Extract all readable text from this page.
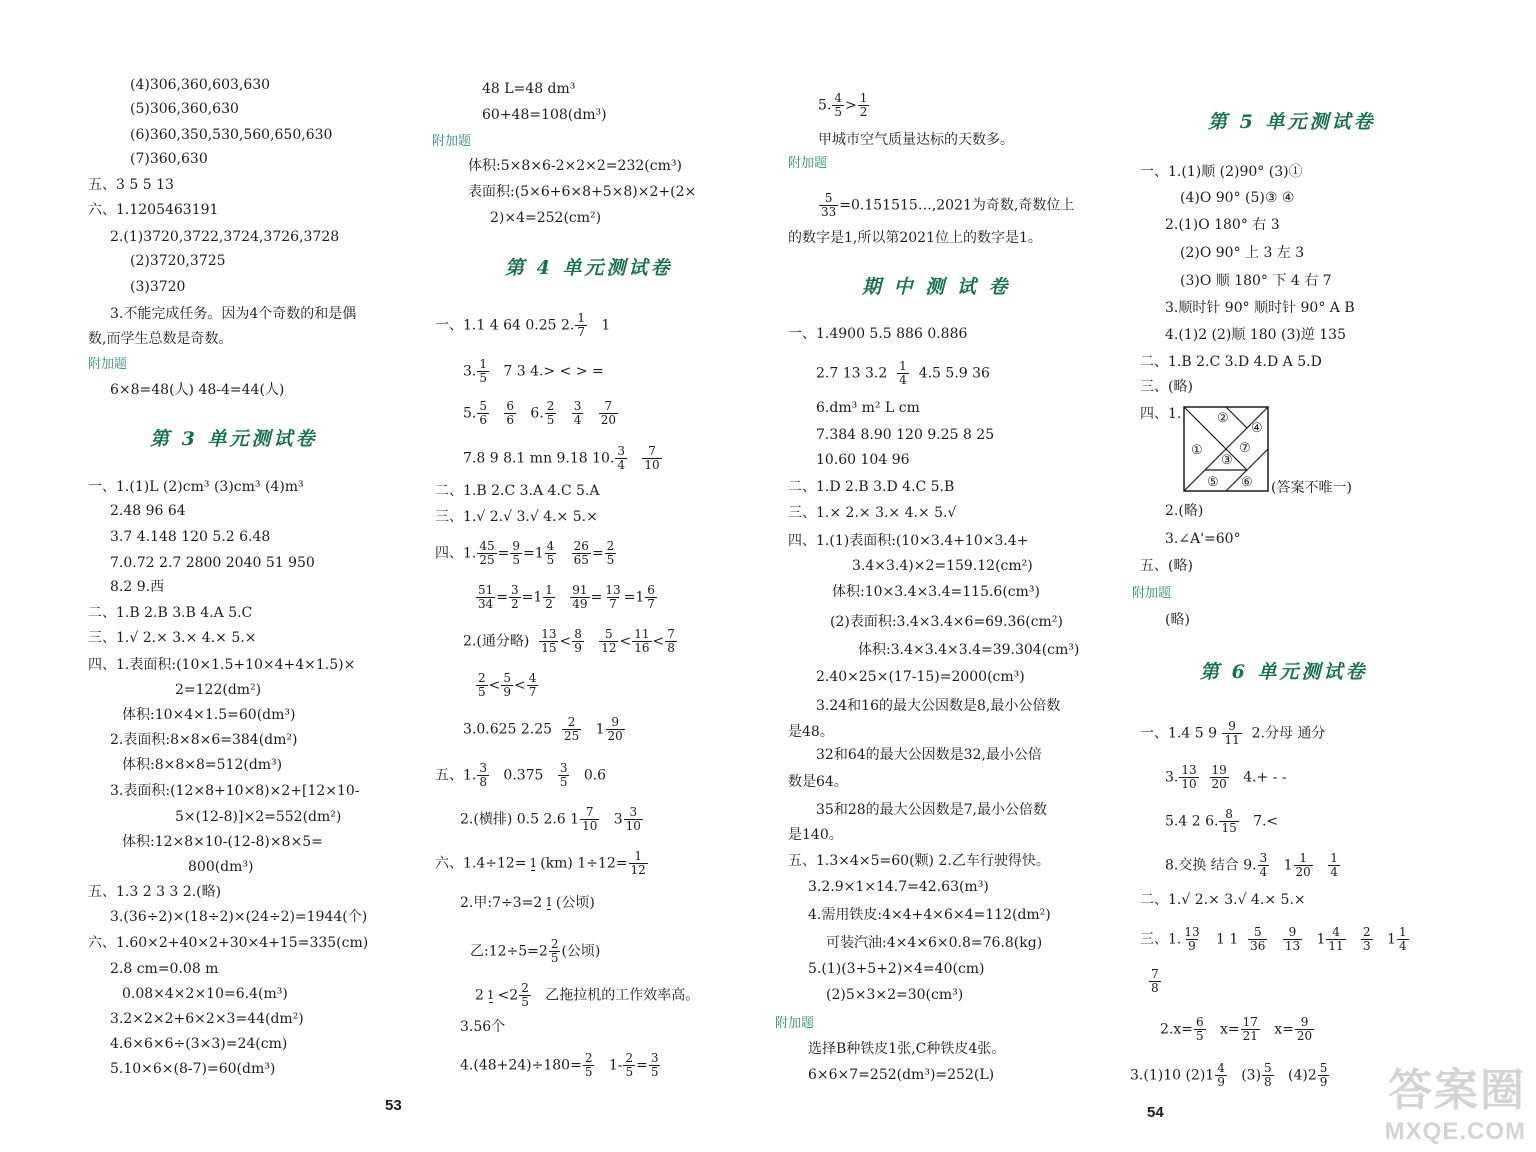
(4)306,360,603,630
(5)306,360,630
(6)360,350,530,560,650,630
(7)360,630
五、3 5 5 13
六、1.1205463191
2.(1)3720,3722,3724,3726,3728
(2)3720,3725
(3)3720
3.不能完成任务。因为4个奇数的和是偶
数,而学生总数是奇数。
附加题
6×8=48(人) 48-4=44(人)
第 3 单元测试卷
一、1.(1)L (2)cm³ (3)cm³ (4)m³
2.48 96 64
3.7 4.148 120 5.2 6.48
7.0.72 2.7 2800 2040 51 950
8.2 9.西
二、1.B 2.B 3.B 4.A 5.C
三、1.√ 2.× 3.× 4.× 5.×
四、1.表面积:(10×1.5+10×4+4×1.5)×
2=122(dm²)
体积:10×4×1.5=60(dm³)
2.表面积:8×8×6=384(dm²)
体积:8×8×8=512(dm³)
3.表面积:(12×8+10×8)×2+[12×10-
5×(12-8)]×2=552(dm²)
体积:12×8×10-(12-8)×8×5=
800(dm³)
五、1.3 2 3 3 2.(略)
3.(36÷2)×(18÷2)×(24÷2)=1944(个)
六、1.60×2+40×2+30×4+15=335(cm)
2.8 cm=0.08 m
0.08×4×2×10=6.4(m³)
3.2×2×2+6×2×3=44(dm²)
4.6×6×6÷(3×3)=24(cm)
5.10×6×(8-7)=60(dm³)
53
48 L=48 dm³
60+48=108(dm³)
附加题
体积:5×8×6-2×2×2=232(cm³)
表面积:(5×6+6×8+5×8)×2+(2×
2)×4=252(cm²)
第 4 单元测试卷
一、1.1 4 64 0.25 2. $\frac{1}{7} 1$
3. $\frac{1}{5} 7$ 3 4.> < > =
5. $\frac{5}{6}$
$\frac{6}{6} 6$. $\frac{2}{5}$
$\frac{3}{4}$
$\frac{7}{20}$
7.8 9 8.1 mn 9.18 10. $\frac{3}{4}$
$\frac{7}{10}$
二、1.B 2.C 3.A 4.C 5.A
三、1.√ 2.√ 3.√ 4.× 5.×
四、1. $\frac{45}{25} = \frac{9}{5} =1 \frac{4}{5}$
$\frac{26}{65} = \frac{2}{5}$
$\frac{51}{34} = \frac{3}{2} =1 \frac{1}{2}$
$\frac{91}{49} = \frac{13}{7} =1 \frac{6}{7}$
2.(通分略) $\frac{13}{15} < \frac{8}{9}$
$\frac{5}{12} < \frac{11}{16} < \frac{7}{8}$
$\frac{2}{5} < \frac{5}{9} < \frac{4}{7}$
3.0.625 $2.25 \frac{2}{25} 1 \frac{9}{20}$
五、1. $\frac{3}{8} 0.375 \frac{3}{5} 0.6$
2.(横排) 0.5 2.6 $1 \frac{7}{10} 3 \frac{3}{10}$
六、1.4÷12= 1 (km) $1\div 12= \frac{1}{12}$
2.甲:7÷3=2 1 (公顷)
乙:12÷5=2 $\frac{2}{5}$ (公顷)
2 $1 <2 \frac{2}{5}$ 乙拖拉机的工作效率高。
3.56个
$4.(48+24)\div 180= \frac{2}{5} 1- \frac{2}{5} = \frac{3}{5}$
5. $\frac{4}{5} > \frac{1}{2}$
甲城市空气质量达标的天数多。
附加题
$\frac{5}{33}$ =0.151515…,2021为奇数,奇数位上
的数字是1,所以第2021位上的数字是1。
期 中 测 试 卷
一、1.4900 5.5 886 0.886
2.7 13 $3.2 \frac{1}{4} 4.5$ 5.9 36
6.dm³ m² L cm
7.384 8.90 120 9.25 8 25
10.60 104 96
二、1.D 2.B 3.D 4.C 5.B
三、1.× 2.× 3.× 4.× 5.√
四、1.(1)表面积:(10×3.4+10×3.4+
3.4×3.4)×2=159.12(cm²)
体积:10×3.4×3.4=115.6(cm³)
(2)表面积:3.4×3.4×6=69.36(cm²)
体积:3.4×3.4×3.4=39.304(cm³)
2.40×25×(17-15)=2000(cm³)
3.24和16的最大公因数是8,最小公倍数
是48。
32和64的最大公因数是32,最小公倍
数是64。
35和28的最大公因数是7,最小公倍数
是140。
五、1.3×4×5=60(颗) 2.乙车行驶得快。
3.2.9×1×14.7=42.63(m³)
4.需用铁皮:4×4+4×6×4=112(dm²)
可装汽油:4×4×6×0.8=76.8(kg)
5.(1)(3+5+2)×4=40(cm)
(2)5×3×2=30(cm³)
附加题
选择B种铁皮1张,C种铁皮4张。
6×6×7=252(dm³)=252(L)
第 5 单元测试卷
一、1.(1)顺 (2)90° (3)①
(4)O 90° (5)③ ④
2.(1)O 180° 右 3
(2)O 90° 上 3 左 3
(3)O 顺 180° 下 4 右 7
3.顺时针 90° 顺时针 90° A B
4.(1)2 (2)顺 180 (3)逆 135
二、1.B 2.C 3.D 4.D A 5.D
三、(略)
四、1.
①
②
③
④
⑤ ⑥
⑦
(答案不唯一)
2.(略)
3.∠A'=60°
五、(略)
附加题
(略)
第 6 单元测试卷
一、1.4 5 $9 \frac{9}{11} 2$.分母 通分
3. $\frac{13}{10}$
$\frac{19}{20} 4.+$ - -
5.4 2 6. $\frac{8}{15} 7.<$
8.交换 结合 9. $\frac{3}{4} 1 \frac{1}{20}$
$\frac{1}{4}$
二、1.√ 2.× 3.√ 4.× 5.×
三、1. $\frac{13}{9} 1$ $1 \frac{5}{36}$
$\frac{9}{13} 1 \frac{4}{11}$
$\frac{2}{3} 1 \frac{1}{4}$
$\frac{7}{8}$
$2.x= \frac{6}{5} x= \frac{17}{21} x= \frac{9}{20}$
3.(1)10 $(2)1 \frac{4}{9} (3) \frac{5}{8} (4)2 \frac{5}{9}$
54	答案圈
MXQE.COM
